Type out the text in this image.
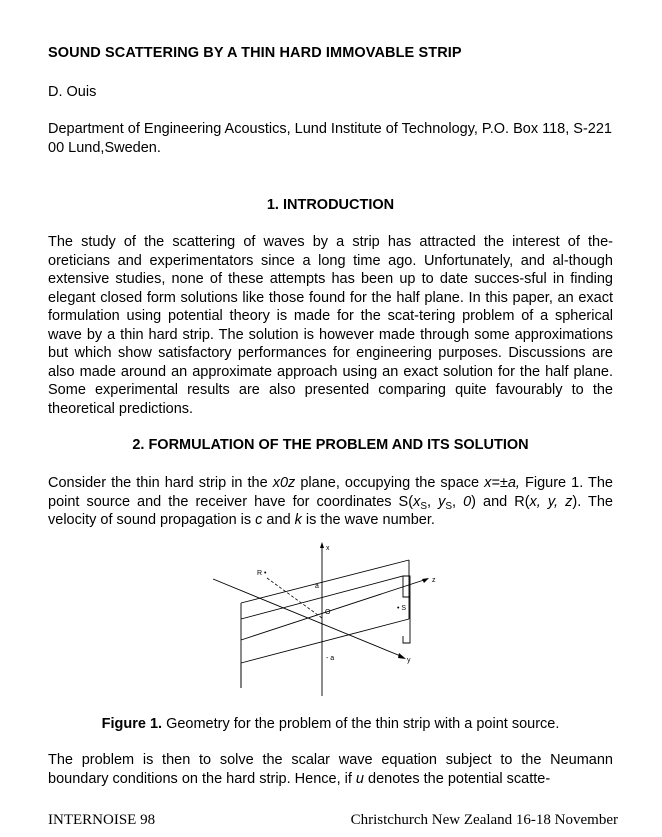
SOUND SCATTERING BY A THIN HARD IMMOVABLE STRIP
D. Ouis
Department of Engineering Acoustics, Lund Institute of Technology, P.O. Box 118, S-221 00 Lund,Sweden.
1. INTRODUCTION
The study of the scattering of waves by a strip has attracted the interest of the-oreticians and experimentators since a long time ago. Unfortunately, and al-though extensive studies, none of these attempts has been up to date succes-sful in finding elegant closed form solutions like those found for the half plane. In this paper, an exact formulation using potential theory is made for the scat-tering problem of a spherical wave by a thin hard strip. The solution is however made through some approximations but which show satisfactory performances for engineering purposes. Discussions are also made around an approximate approach using an exact solution for the half plane. Some experimental results are also presented comparing quite favourably to the theoretical predictions.
2. FORMULATION OF THE PROBLEM AND ITS SOLUTION
Consider the thin hard strip in the x0z plane, occupying the space x=±a, Figure 1. The point source and the receiver have for coordinates $S(x_S$, $y_S$, 0) and R(x, y, z). The velocity of sound propagation is c and k is the wave number.
x
z
y
O
R •
• S
a
- a
Figure 1. Geometry for the problem of the thin strip with a point source.
The problem is then to solve the scalar wave equation subject to the Neumann boundary conditions on the hard strip. Hence, if u denotes the potential scatte-
INTERNOISE 98	Christchurch New Zealand 16-18 November
